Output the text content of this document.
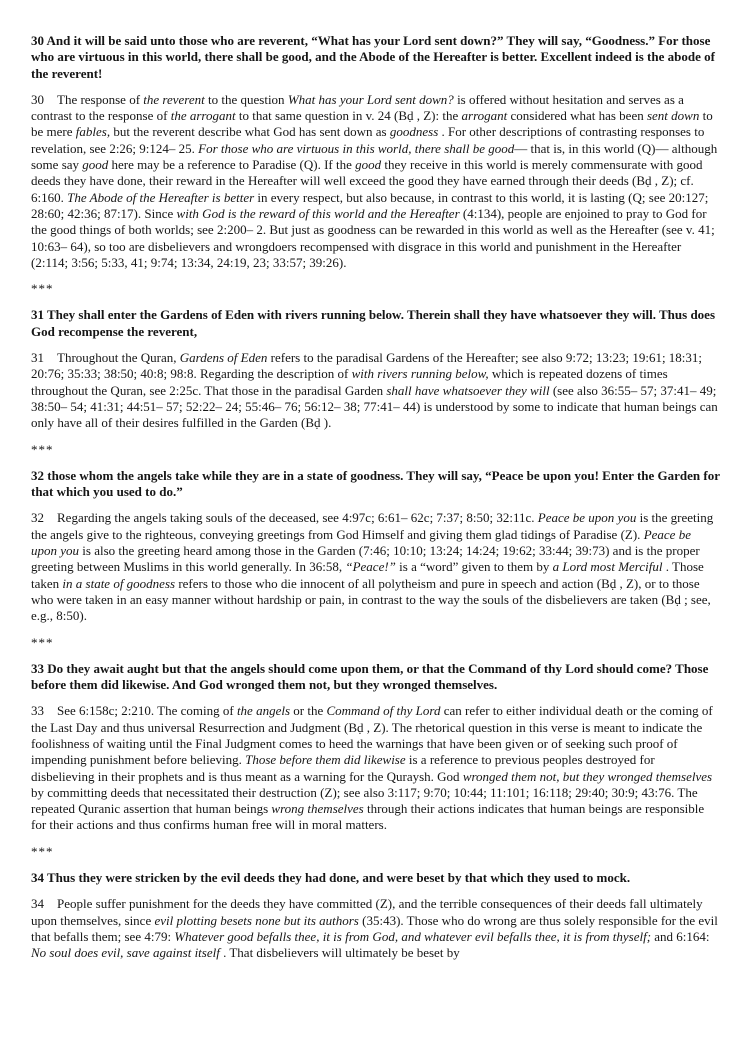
30 And it will be said unto those who are reverent, “What has your Lord sent down?” They will say, “Goodness.” For those who are virtuous in this world, there shall be good, and the Abode of the Hereafter is better. Excellent indeed is the abode of the reverent!

30 The response of the reverent to the question What has your Lord sent down? is offered without hesitation and serves as a contrast to the response of the arrogant to that same question in v. 24 (Bḍ , Z): the arrogant considered what has been sent down to be mere fables, but the reverent describe what God has sent down as goodness . For other descriptions of contrasting responses to revelation, see 2:26; 9:124– 25. For those who are virtuous in this world, there shall be good— that is, in this world (Q)— although some say good here may be a reference to Paradise (Q). If the good they receive in this world is merely commensurate with good deeds they have done, their reward in the Hereafter will well exceed the good they have earned through their deeds (Bḍ , Z); cf. 6:160. The Abode of the Hereafter is better in every respect, but also because, in contrast to this world, it is lasting (Q; see 20:127; 28:60; 42:36; 87:17). Since with God is the reward of this world and the Hereafter (4:134), people are enjoined to pray to God for the good things of both worlds; see 2:200– 2. But just as goodness can be rewarded in this world as well as the Hereafter (see v. 41; 10:63– 64), so too are disbelievers and wrongdoers recompensed with disgrace in this world and punishment in the Hereafter (2:114; 3:56; 5:33, 41; 9:74; 13:34, 24:19, 23; 33:57; 39:26).

***

31 They shall enter the Gardens of Eden with rivers running below. Therein shall they have whatsoever they will. Thus does God recompense the reverent,

31 Throughout the Quran, Gardens of Eden refers to the paradisal Gardens of the Hereafter; see also 9:72; 13:23; 19:61; 18:31; 20:76; 35:33; 38:50; 40:8; 98:8. Regarding the description of with rivers running below, which is repeated dozens of times throughout the Quran, see 2:25c. That those in the paradisal Garden shall have whatsoever they will (see also 36:55– 57; 37:41– 49; 38:50– 54; 41:31; 44:51– 57; 52:22– 24; 55:46– 76; 56:12– 38; 77:41– 44) is understood by some to indicate that human beings can only have all of their desires fulfilled in the Garden (Bḍ ).

***

32 those whom the angels take while they are in a state of goodness. They will say, “Peace be upon you! Enter the Garden for that which you used to do.”

32 Regarding the angels taking souls of the deceased, see 4:97c; 6:61– 62c; 7:37; 8:50; 32:11c. Peace be upon you is the greeting the angels give to the righteous, conveying greetings from God Himself and giving them glad tidings of Paradise (Z). Peace be upon you is also the greeting heard among those in the Garden (7:46; 10:10; 13:24; 14:24; 19:62; 33:44; 39:73) and is the proper greeting between Muslims in this world generally. In 36:58, “Peace!” is a “word” given to them by a Lord most Merciful . Those taken in a state of goodness refers to those who die innocent of all polytheism and pure in speech and action (Bḍ , Z), or to those who were taken in an easy manner without hardship or pain, in contrast to the way the souls of the disbelievers are taken (Bḍ ; see, e.g., 8:50).

***

33 Do they await aught but that the angels should come upon them, or that the Command of thy Lord should come? Those before them did likewise. And God wronged them not, but they wronged themselves.

33 See 6:158c; 2:210. The coming of the angels or the Command of thy Lord can refer to either individual death or the coming of the Last Day and thus universal Resurrection and Judgment (Bḍ , Z). The rhetorical question in this verse is meant to indicate the foolishness of waiting until the Final Judgment comes to heed the warnings that have been given or of seeking such proof of impending punishment before believing. Those before them did likewise is a reference to previous peoples destroyed for disbelieving in their prophets and is thus meant as a warning for the Quraysh. God wronged them not, but they wronged themselves by committing deeds that necessitated their destruction (Z); see also 3:117; 9:70; 10:44; 11:101; 16:118; 29:40; 30:9; 43:76. The repeated Quranic assertion that human beings wrong themselves through their actions indicates that human beings are responsible for their actions and thus confirms human free will in moral matters.

***

34 Thus they were stricken by the evil deeds they had done, and were beset by that which they used to mock.

34 People suffer punishment for the deeds they have committed (Z), and the terrible consequences of their deeds fall ultimately upon themselves, since evil plotting besets none but its authors (35:43). Those who do wrong are thus solely responsible for the evil that befalls them; see 4:79: Whatever good befalls thee, it is from God, and whatever evil befalls thee, it is from thyself; and 6:164: No soul does evil, save against itself . That disbelievers will ultimately be beset by
